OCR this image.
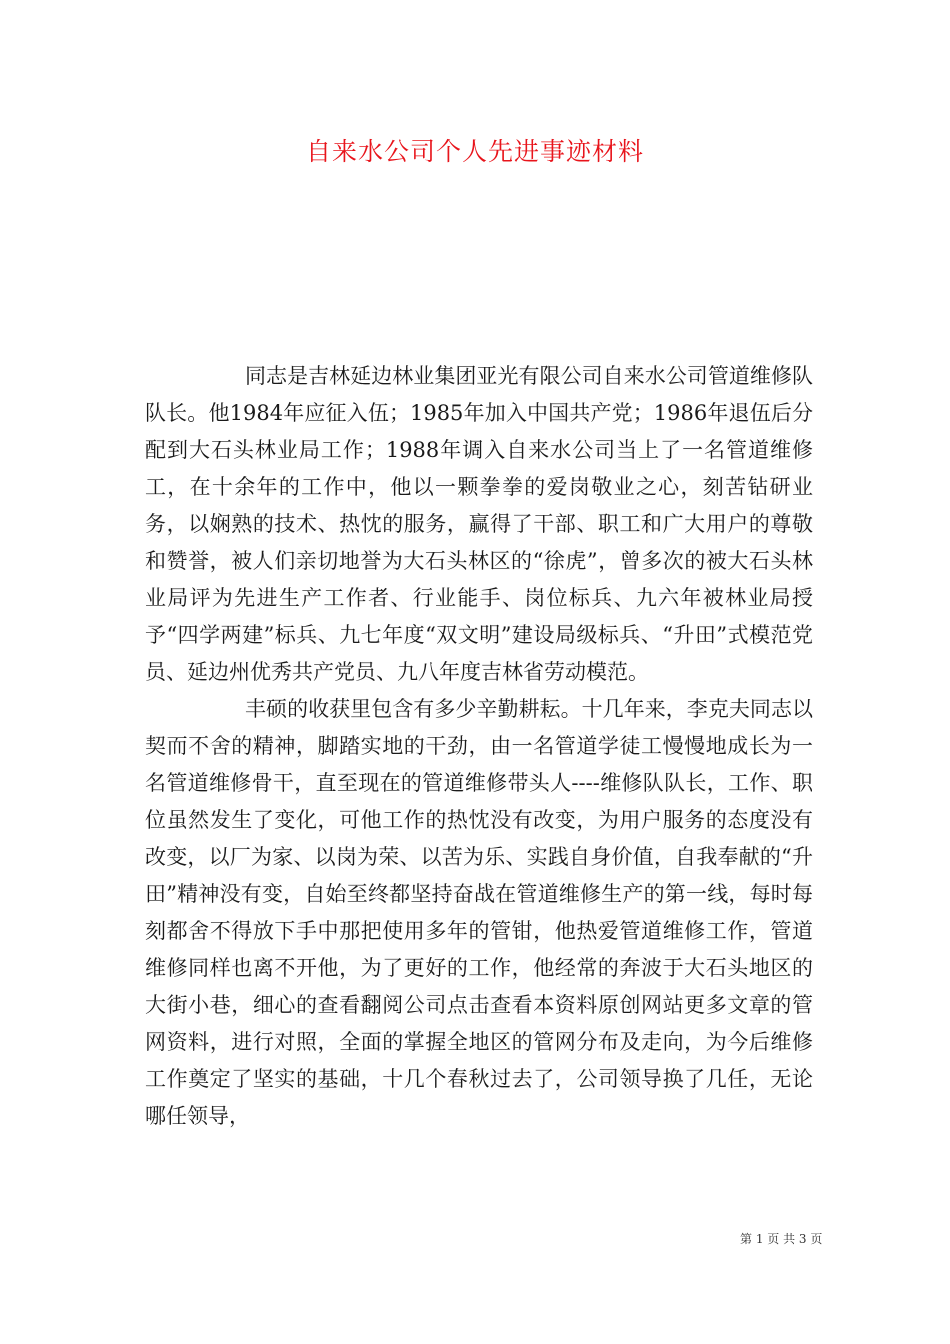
自来水公司个人先进事迹材料

同志是吉林延边林业集团亚光有限公司自来水公司管道维修队队长。他1984年应征入伍；1985年加入中国共产党；1986年退伍后分配到大石头林业局工作；1988年调入自来水公司当上了一名管道维修工，在十余年的工作中，他以一颗拳拳的爱岗敬业之心，刻苦钻研业务，以娴熟的技术、热忱的服务，赢得了干部、职工和广大用户的尊敬和赞誉，被人们亲切地誉为大石头林区的“徐虎”，曾多次的被大石头林业局评为先进生产工作者、行业能手、岗位标兵、九六年被林业局授予“四学两建”标兵、九七年度“双文明”建设局级标兵、“升田”式模范党员、延边州优秀共产党员、九八年度吉林省劳动模范。

丰硕的收获里包含有多少辛勤耕耘。十几年来，李克夫同志以契而不舍的精神，脚踏实地的干劲，由一名管道学徒工慢慢地成长为一名管道维修骨干，直至现在的管道维修带头人----维修队队长，工作、职位虽然发生了变化，可他工作的热忱没有改变，为用户服务的态度没有改变，以厂为家、以岗为荣、以苦为乐、实践自身价值，自我奉献的“升田”精神没有变，自始至终都坚持奋战在管道维修生产的第一线，每时每刻都舍不得放下手中那把使用多年的管钳，他热爱管道维修工作，管道维修同样也离不开他，为了更好的工作，他经常的奔波于大石头地区的大街小巷，细心的查看翻阅公司点击查看本资料原创网站更多文章的管网资料，进行对照，全面的掌握全地区的管网分布及走向，为今后维修工作奠定了坚实的基础，十几个春秋过去了，公司领导换了几任，无论哪任领导，

第 1 页 共 3 页
